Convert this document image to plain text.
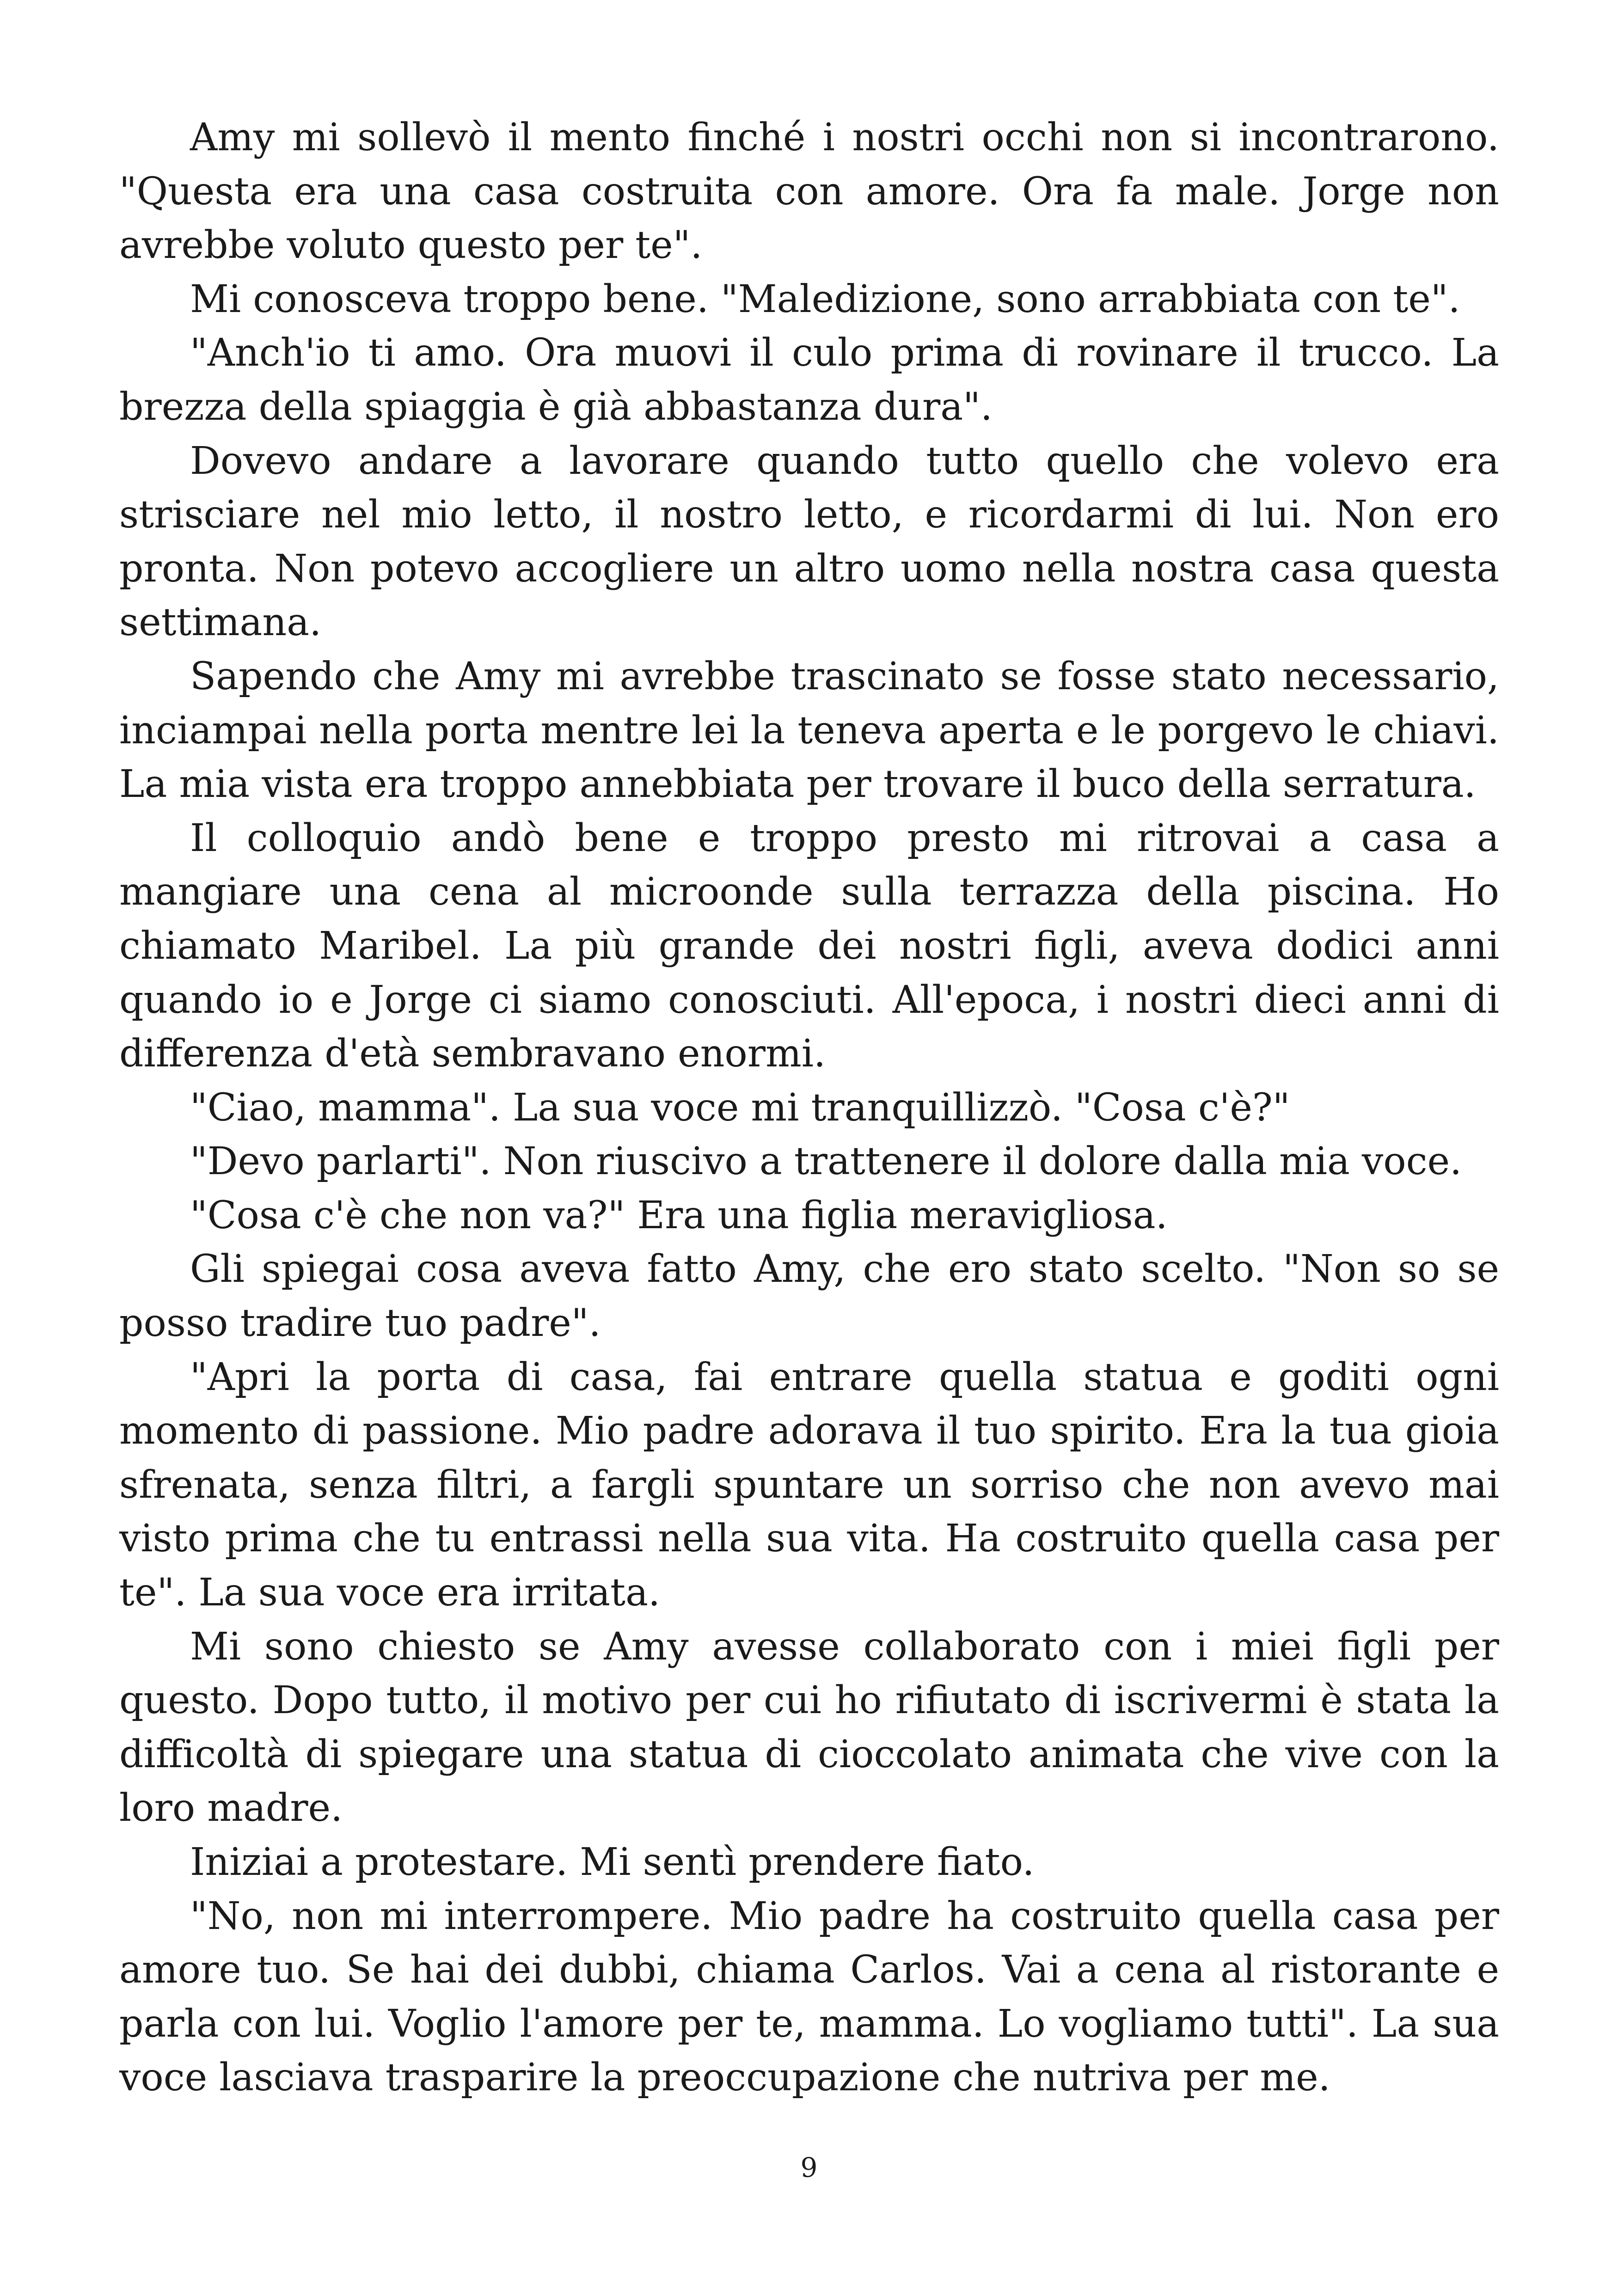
Amy mi sollevò il mento finché i nostri occhi non si incontrarono. "Questa era una casa costruita con amore. Ora fa male. Jorge non avrebbe voluto questo per te".

Mi conosceva troppo bene. "Maledizione, sono arrabbiata con te".

"Anch'io ti amo. Ora muovi il culo prima di rovinare il trucco. La brezza della spiaggia è già abbastanza dura".

Dovevo andare a lavorare quando tutto quello che volevo era strisciare nel mio letto, il nostro letto, e ricordarmi di lui. Non ero pronta. Non potevo accogliere un altro uomo nella nostra casa questa settimana.

Sapendo che Amy mi avrebbe trascinato se fosse stato necessario, inciampai nella porta mentre lei la teneva aperta e le porgevo le chiavi. La mia vista era troppo annebbiata per trovare il buco della serratura.

Il colloquio andò bene e troppo presto mi ritrovai a casa a mangiare una cena al microonde sulla terrazza della piscina. Ho chiamato Maribel. La più grande dei nostri figli, aveva dodici anni quando io e Jorge ci siamo conosciuti. All'epoca, i nostri dieci anni di differenza d'età sembravano enormi.

"Ciao, mamma". La sua voce mi tranquillizzò. "Cosa c'è?"

"Devo parlarti". Non riuscivo a trattenere il dolore dalla mia voce.

"Cosa c'è che non va?" Era una figlia meravigliosa.

Gli spiegai cosa aveva fatto Amy, che ero stato scelto. "Non so se posso tradire tuo padre".

"Apri la porta di casa, fai entrare quella statua e goditi ogni momento di passione. Mio padre adorava il tuo spirito. Era la tua gioia sfrenata, senza filtri, a fargli spuntare un sorriso che non avevo mai visto prima che tu entrassi nella sua vita. Ha costruito quella casa per te". La sua voce era irritata.

Mi sono chiesto se Amy avesse collaborato con i miei figli per questo. Dopo tutto, il motivo per cui ho rifiutato di iscrivermi è stata la difficoltà di spiegare una statua di cioccolato animata che vive con la loro madre.

Iniziai a protestare. Mi sentì prendere fiato.

"No, non mi interrompere. Mio padre ha costruito quella casa per amore tuo. Se hai dei dubbi, chiama Carlos. Vai a cena al ristorante e parla con lui. Voglio l'amore per te, mamma. Lo vogliamo tutti". La sua voce lasciava trasparire la preoccupazione che nutriva per me.

9
